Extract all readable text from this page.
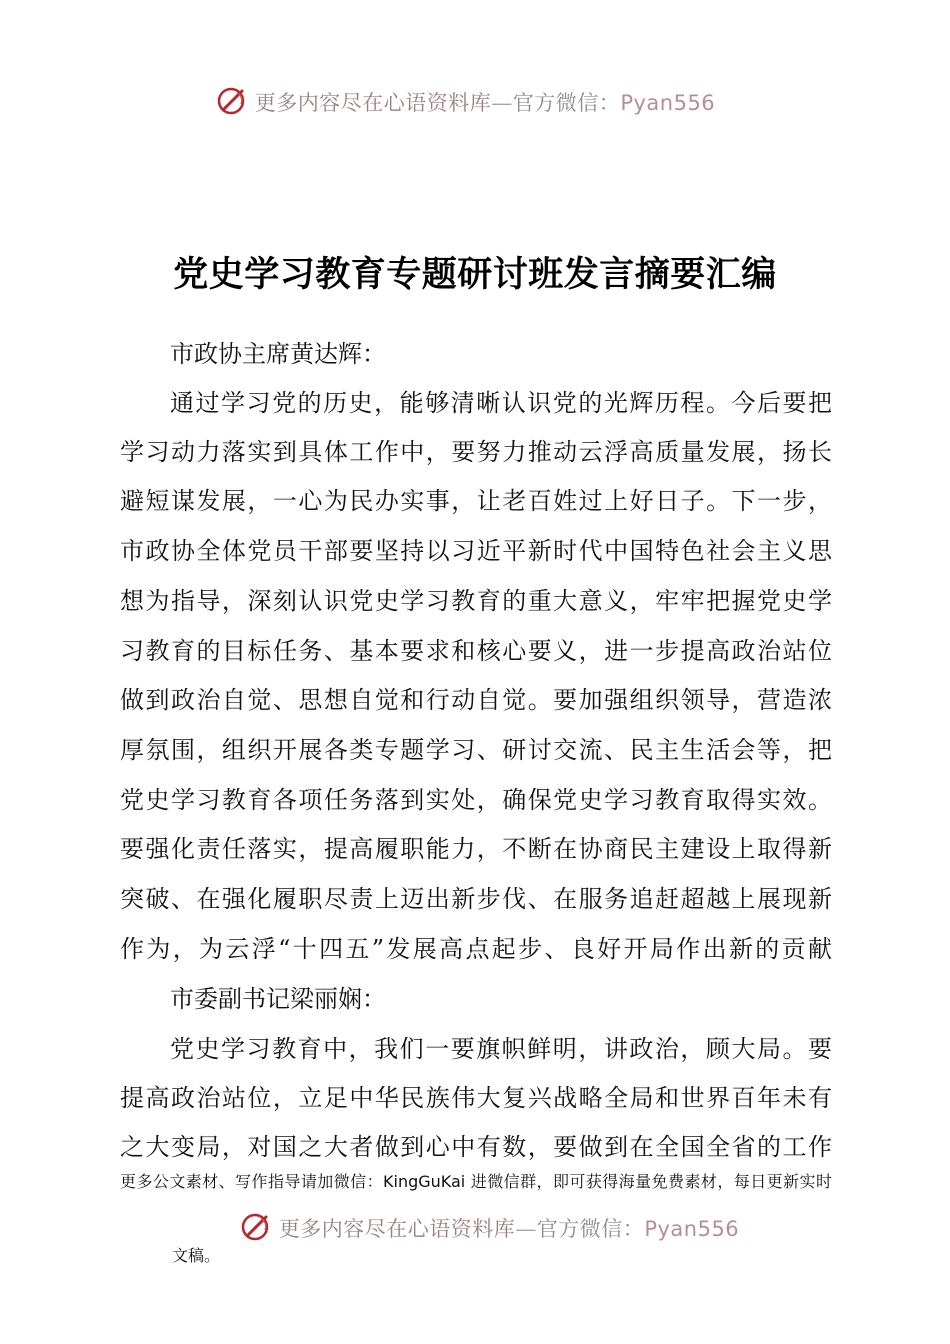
更多内容尽在心语资料库—官方微信：Pyan556
党史学习教育专题研讨班发言摘要汇编
市政协主席黄达辉：
通过学习党的历史，能够清晰认识党的光辉历程。今后要把
学习动力落实到具体工作中，要努力推动云浮高质量发展，扬长
避短谋发展，一心为民办实事，让老百姓过上好日子。下一步，
市政协全体党员干部要坚持以习近平新时代中国特色社会主义思
想为指导，深刻认识党史学习教育的重大意义，牢牢把握党史学
习教育的目标任务、基本要求和核心要义，进一步提高政治站位
做到政治自觉、思想自觉和行动自觉。要加强组织领导，营造浓
厚氛围，组织开展各类专题学习、研讨交流、民主生活会等，把
党史学习教育各项任务落到实处，确保党史学习教育取得实效。
要强化责任落实，提高履职能力，不断在协商民主建设上取得新
突破、在强化履职尽责上迈出新步伐、在服务追赶超越上展现新
作为，为云浮“十四五”发展高点起步、良好开局作出新的贡献
市委副书记梁丽娴：
党史学习教育中，我们一要旗帜鲜明，讲政治，顾大局。要
提高政治站位，立足中华民族伟大复兴战略全局和世界百年未有
之大变局，对国之大者做到心中有数，要做到在全国全省的工作
更多公文素材、写作指导请加微信：KingGuKai 进微信群，即可获得海量免费素材，每日更新实时
更多内容尽在心语资料库—官方微信：Pyan556
文稿。
